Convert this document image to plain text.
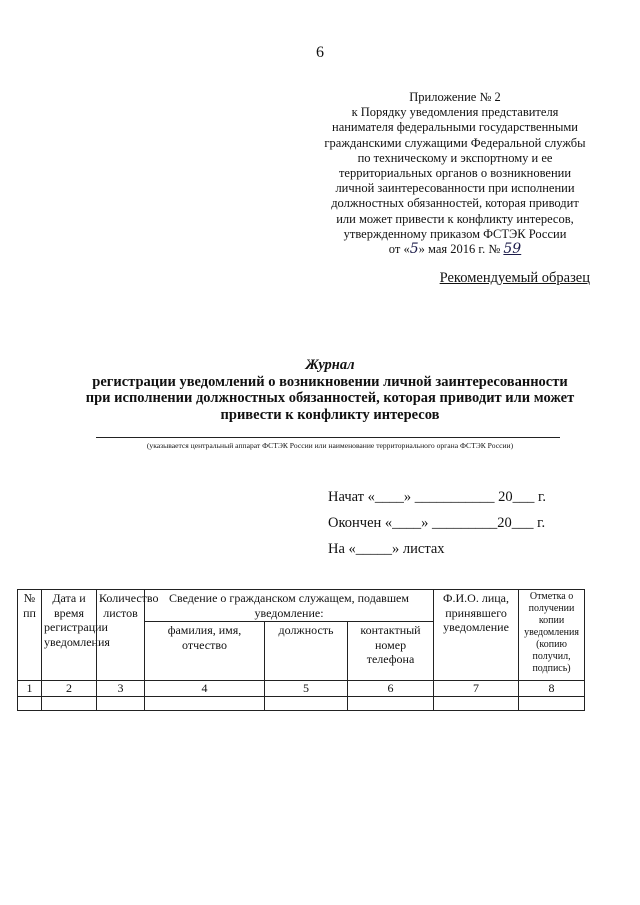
6
Приложение № 2
к Порядку уведомления представителя
нанимателя федеральными государственными
гражданскими служащими Федеральной службы
по техническому и экспортному и ее
территориальных органов о возникновении
личной заинтересованности при исполнении
должностных обязанностей, которая приводит
или может привести к конфликту интересов,
утвержденному приказом ФСТЭК России
от «5» мая 2016 г. № 59
Рекомендуемый образец
Журнал
регистрации уведомлений о возникновении личной заинтересованности
при исполнении должностных обязанностей, которая приводит или может
привести к конфликту интересов
(указывается центральный аппарат ФСТЭК России или наименование территориального органа ФСТЭК России)
Начат «____» ___________ 20___ г.
Окончен «____» _________20___ г.
На «_____» листах
№ пп	Дата и время регистрации уведомления	Количество листов	Сведение о гражданском служащем, подавшем уведомление:			Ф.И.О. лица, принявшего уведомление	Отметка о получении копии уведомления (копию получил, подпись)
			фамилия, имя, отчество	должность	контактный номер телефона		
1	2	3	4	5	6	7	8
